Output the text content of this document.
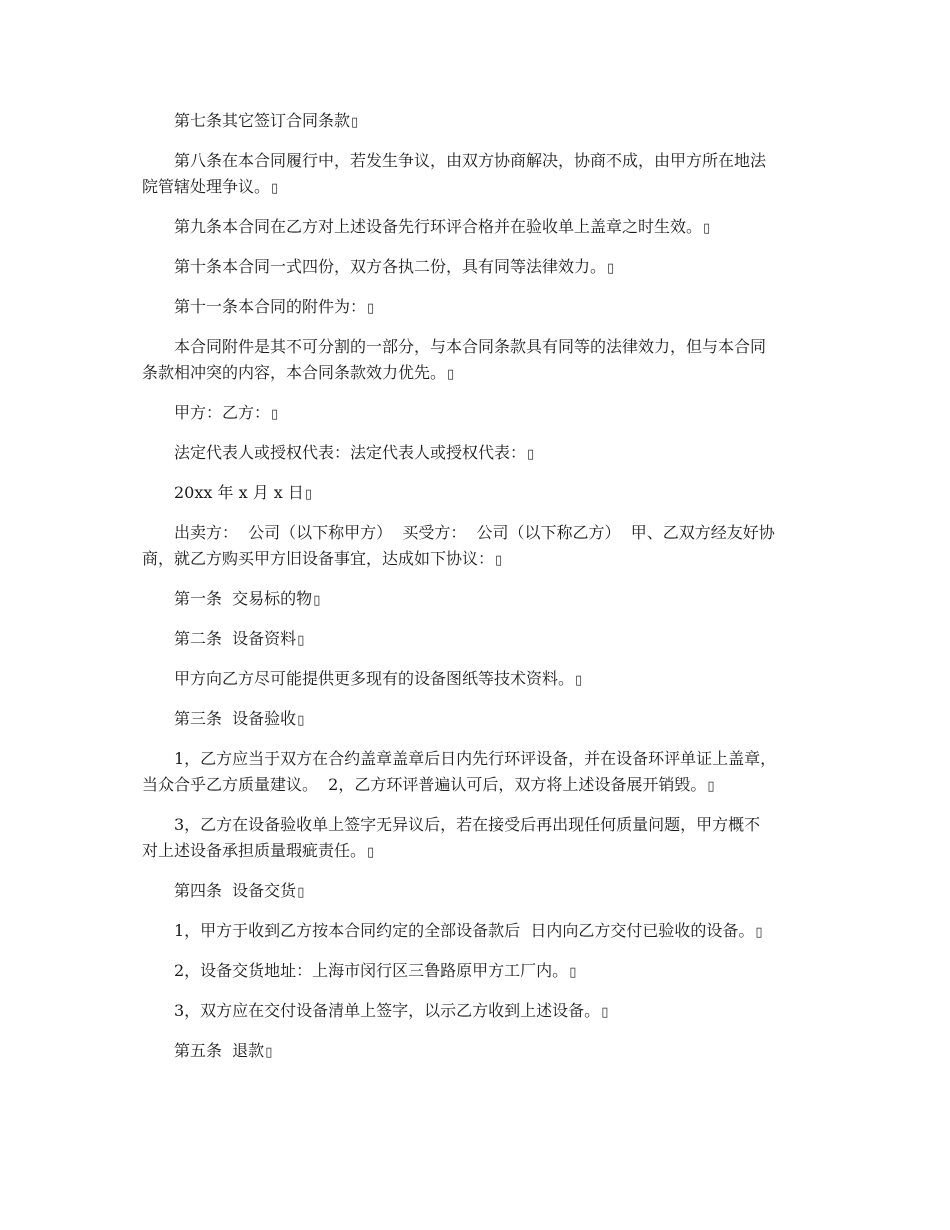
第七条其它签订合同条款▯
第八条在本合同履行中，若发生争议，由双方协商解决，协商不成，由甲方所在地法
院管辖处理争议。▯
第九条本合同在乙方对上述设备先行环评合格并在验收单上盖章之时生效。▯
第十条本合同一式四份，双方各执二份，具有同等法律效力。▯
第十一条本合同的附件为：▯
本合同附件是其不可分割的一部分，与本合同条款具有同等的法律效力，但与本合同
条款相冲突的内容，本合同条款效力优先。▯
甲方：乙方：▯
法定代表人或授权代表：法定代表人或授权代表：▯
20xx 年 x 月 x 日▯
出卖方：  公司（以下称甲方）  买受方：  公司（以下称乙方）  甲、乙双方经友好协
商，就乙方购买甲方旧设备事宜，达成如下协议：▯
第一条  交易标的物▯
第二条  设备资料▯
甲方向乙方尽可能提供更多现有的设备图纸等技术资料。▯
第三条  设备验收▯
1，乙方应当于双方在合约盖章盖章后日内先行环评设备，并在设备环评单证上盖章，
当众合乎乙方质量建议。  2，乙方环评普遍认可后，双方将上述设备展开销毁。▯
3，乙方在设备验收单上签字无异议后，若在接受后再出现任何质量问题，甲方概不
对上述设备承担质量瑕疵责任。▯
第四条  设备交货▯
1，甲方于收到乙方按本合同约定的全部设备款后  日内向乙方交付已验收的设备。▯
2，设备交货地址：上海市闵行区三鲁路原甲方工厂内。▯
3，双方应在交付设备清单上签字，以示乙方收到上述设备。▯
第五条  退款▯
